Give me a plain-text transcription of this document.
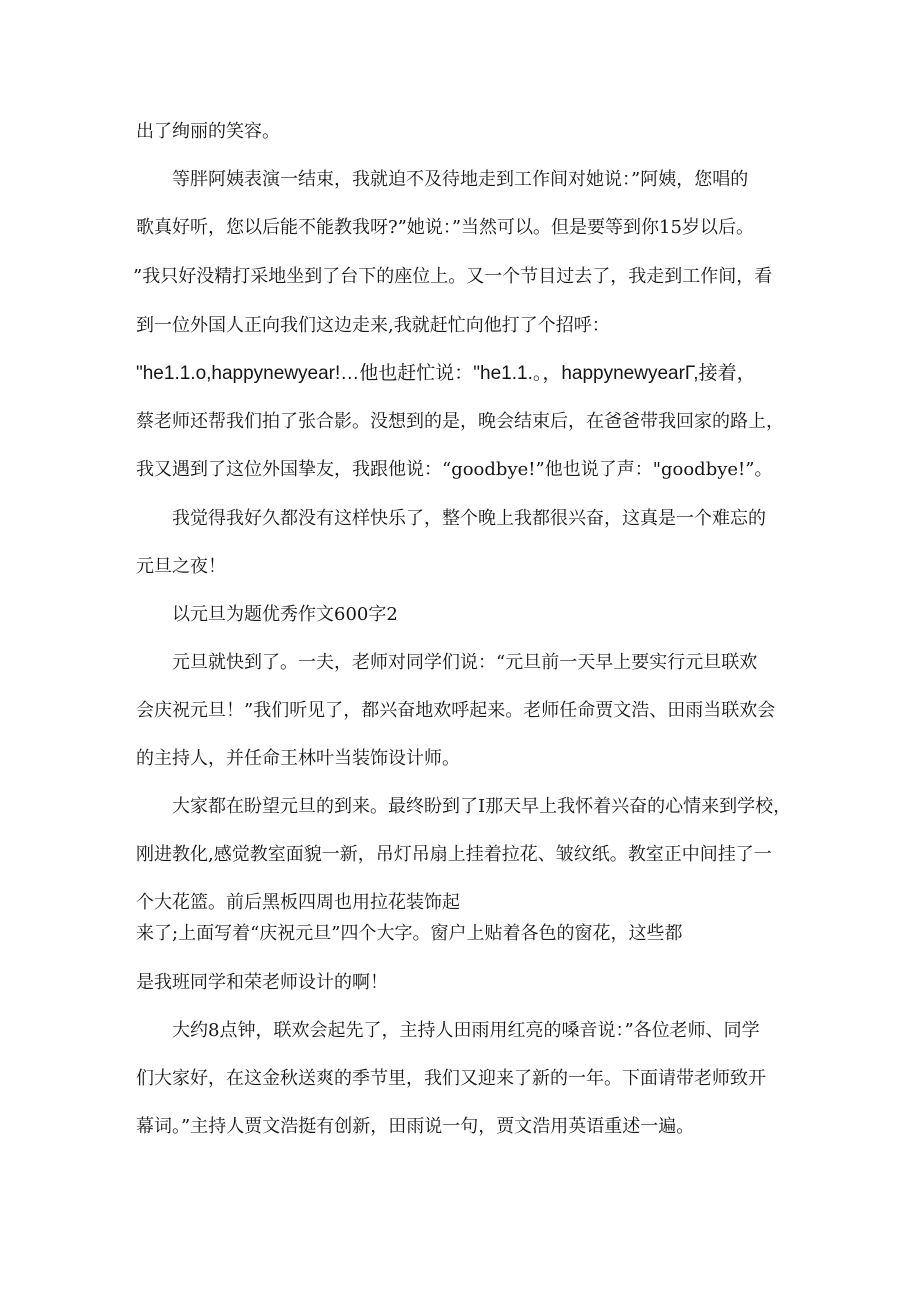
出了绚丽的笑容。

等胖阿姨表演一结束，我就迫不及待地走到工作间对她说：”阿姨，您唱的

歌真好听，您以后能不能教我呀?”她说：”当然可以。但是要等到你15岁以后。

”我只好没精打采地坐到了台下的座位上。又一个节目过去了，我走到工作间，看

到一位外国人正向我们这边走来,我就赶忙向他打了个招呼：

"he1.1.o,happynewyear!…他也赶忙说："he1.1.。，happynewyearΓ,接着，

蔡老师还帮我们拍了张合影。没想到的是，晚会结束后，在爸爸带我回家的路上，

我又遇到了这位外国挚友，我跟他说：“goodbye!”他也说了声："goodbye!”。

我觉得我好久都没有这样快乐了，整个晚上我都很兴奋，这真是一个难忘的

元旦之夜！

以元旦为题优秀作文600字2

元旦就快到了。一夫，老师对同学们说：“元旦前一天早上要实行元旦联欢

会庆祝元旦！”我们听见了，都兴奋地欢呼起来。老师任命贾文浩、田雨当联欢会

的主持人，并任命王林叶当装饰设计师。

大家都在盼望元旦的到来。最终盼到了I那天早上我怀着兴奋的心情来到学校，

刚进教化,感觉教室面貌一新，吊灯吊扇上挂着拉花、皱纹纸。教室正中间挂了一

个大花篮。前后黑板四周也用拉花装饰起

来了;上面写着“庆祝元旦”四个大字。窗户上贴着各色的窗花，这些都

是我班同学和荣老师设计的啊！

大约8点钟，联欢会起先了，主持人田雨用红亮的嗓音说：”各位老师、同学

们大家好，在这金秋送爽的季节里，我们又迎来了新的一年。下面请带老师致开

幕词。”主持人贾文浩挺有创新，田雨说一句，贾文浩用英语重述一遍。
